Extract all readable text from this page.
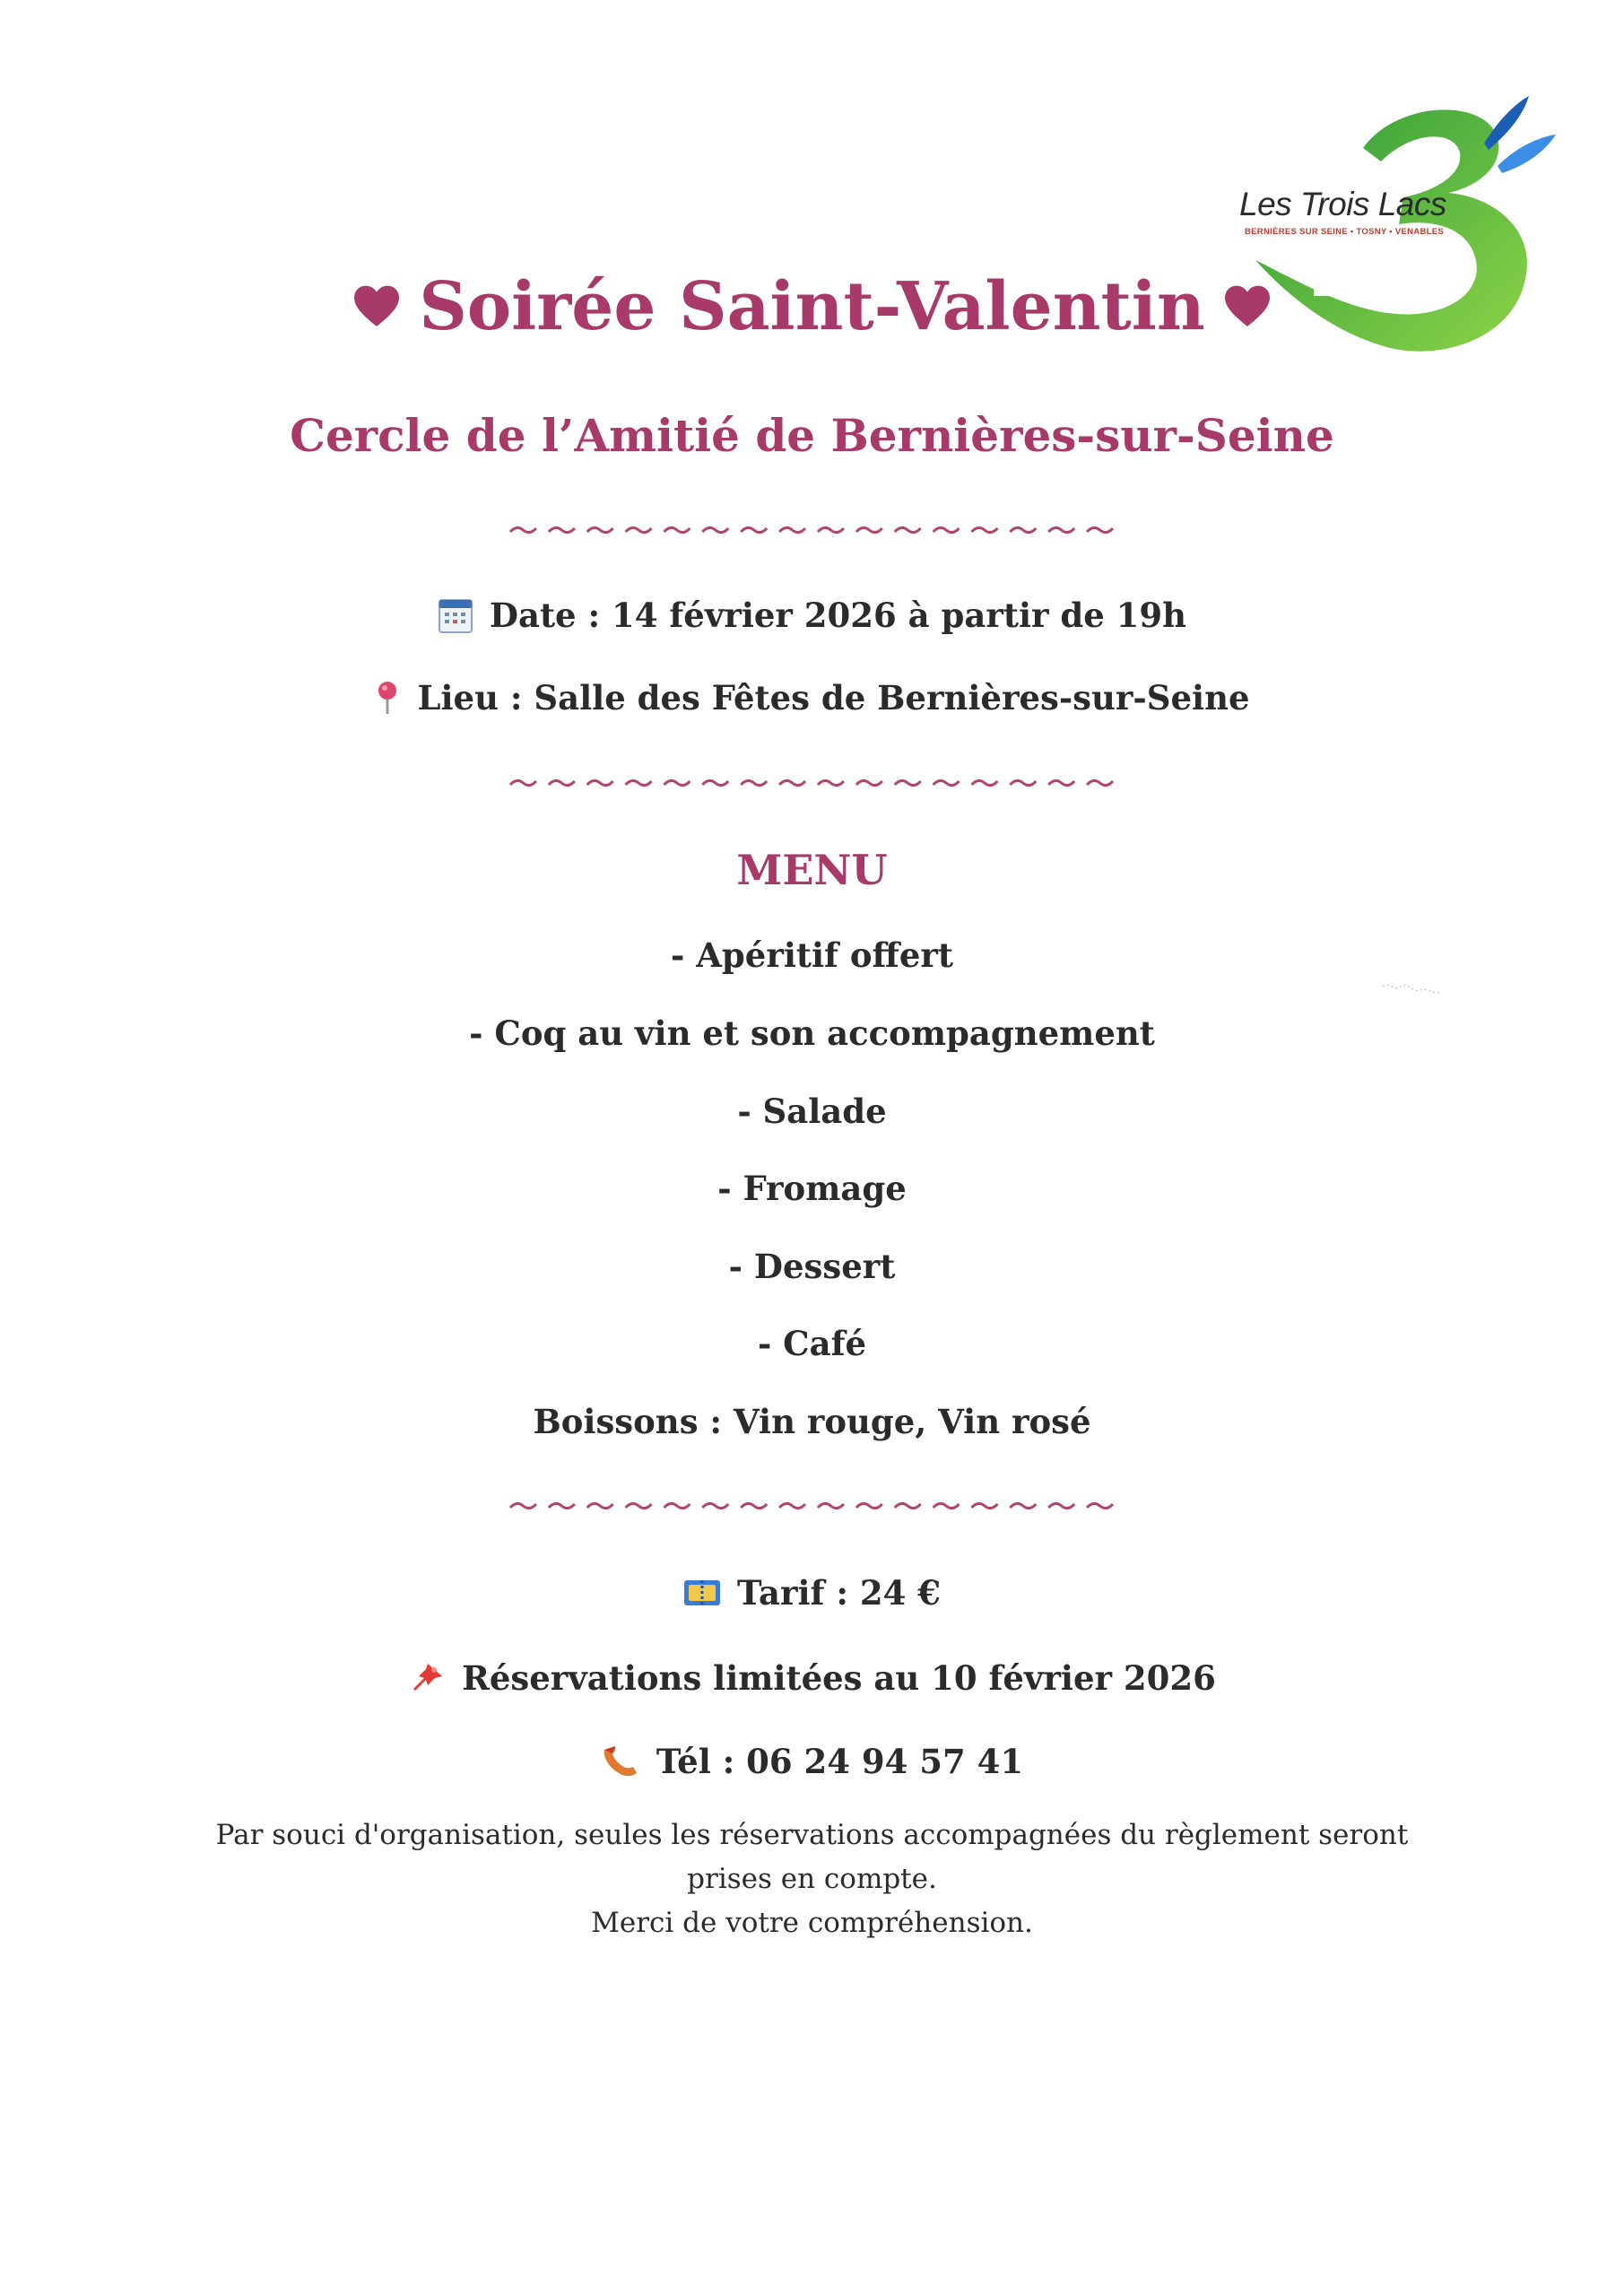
Les Trois Lacs
BERNIÈRES SUR SEINE • TOSNY • VENABLES
Soirée Saint-Valentin
Cercle de l’Amitié de Bernières-sur-Seine
Date : 14 février 2026 à partir de 19h
Lieu : Salle des Fêtes de Bernières-sur-Seine
MENU
- Apéritif offert
- Coq au vin et son accompagnement
- Salade
- Fromage
- Dessert
- Café
Boissons : Vin rouge, Vin rosé
Tarif : 24 €
Réservations limitées au 10 février 2026
Tél : 06 24 94 57 41
Par souci d'organisation, seules les réservations accompagnées du règlement seront prises en compte.
Merci de votre compréhension.
